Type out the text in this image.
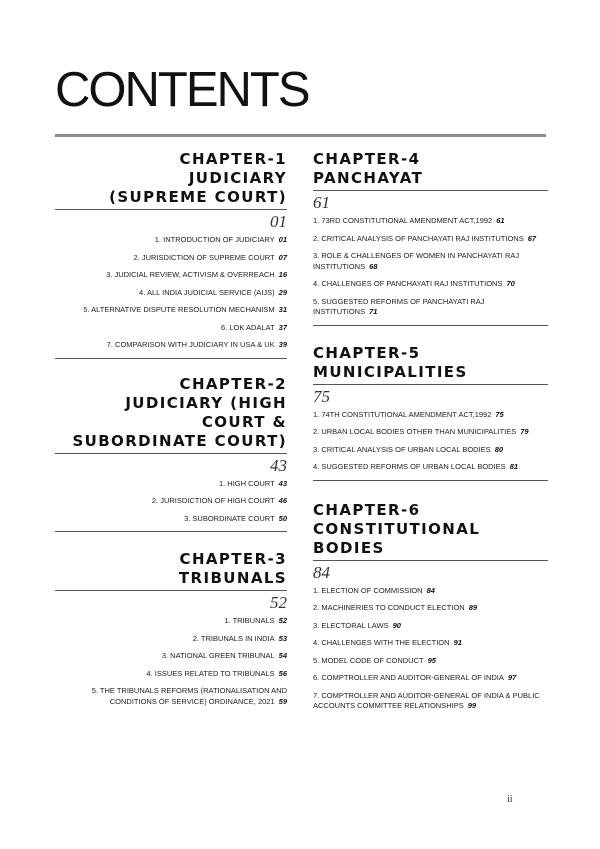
CONTENTS
CHAPTER-1
JUDICIARY
(SUPREME COURT)
01
1. INTRODUCTION OF JUDICIARY 01
2. JURISDICTION OF SUPREME COURT 07
3. JUDICIAL REVIEW, ACTIVISM & OVERREACH 16
4. ALL INDIA JUDICIAL SERVICE (AIJS) 29
5. ALTERNATIVE DISPUTE RESOLUTION MECHANISM 31
6. LOK ADALAT 37
7. COMPARISON WITH JUDICIARY IN USA & UK 39
CHAPTER-2
JUDICIARY (HIGH
COURT &
SUBORDINATE COURT)
43
1. HIGH COURT 43
2. JURISDICTION OF HIGH COURT 46
3. SUBORDINATE COURT 50
CHAPTER-3
TRIBUNALS
52
1. TRIBUNALS 52
2. TRIBUNALS IN INDIA 53
3. NATIONAL GREEN TRIBUNAL 54
4. ISSUES RELATED TO TRIBUNALS 56
5. THE TRIBUNALS REFORMS (RATIONALISATION AND CONDITIONS OF SERVICE) ORDINANCE, 2021 59
CHAPTER-4
PANCHAYAT
61
1. 73RD CONSTITUTIONAL AMENDMENT ACT,1992 61
2. CRITICAL ANALYSIS OF PANCHAYATI RAJ INSTITUTIONS 67
3. ROLE & CHALLENGES OF WOMEN IN PANCHAYATI RAJ INSTITUTIONS 68
4. CHALLENGES OF PANCHAYATI RAJ INSTITUTIONS 70
5. SUGGESTED REFORMS OF PANCHAYATI RAJ INSTITUTIONS 71
CHAPTER-5
MUNICIPALITIES
75
1. 74TH CONSTITUTIONAL AMENDMENT ACT,1992 75
2. URBAN LOCAL BODIES OTHER THAN MUNICIPALITIES 79
3. CRITICAL ANALYSIS OF URBAN LOCAL BODIES 80
4. SUGGESTED REFORMS OF URBAN LOCAL BODIES 81
CHAPTER-6
CONSTITUTIONAL
BODIES
84
1. ELECTION OF COMMISSION 84
2. MACHINERIES TO CONDUCT ELECTION 89
3. ELECTORAL LAWS 90
4. CHALLENGES WITH THE ELECTION 91
5. MODEL CODE OF CONDUCT 95
6. COMPTROLLER AND AUDITOR-GENERAL OF INDIA 97
7. COMPTROLLER AND AUDITOR-GENERAL OF INDIA & PUBLIC ACCOUNTS COMMITTEE RELATIONSHIPS 99
ii
